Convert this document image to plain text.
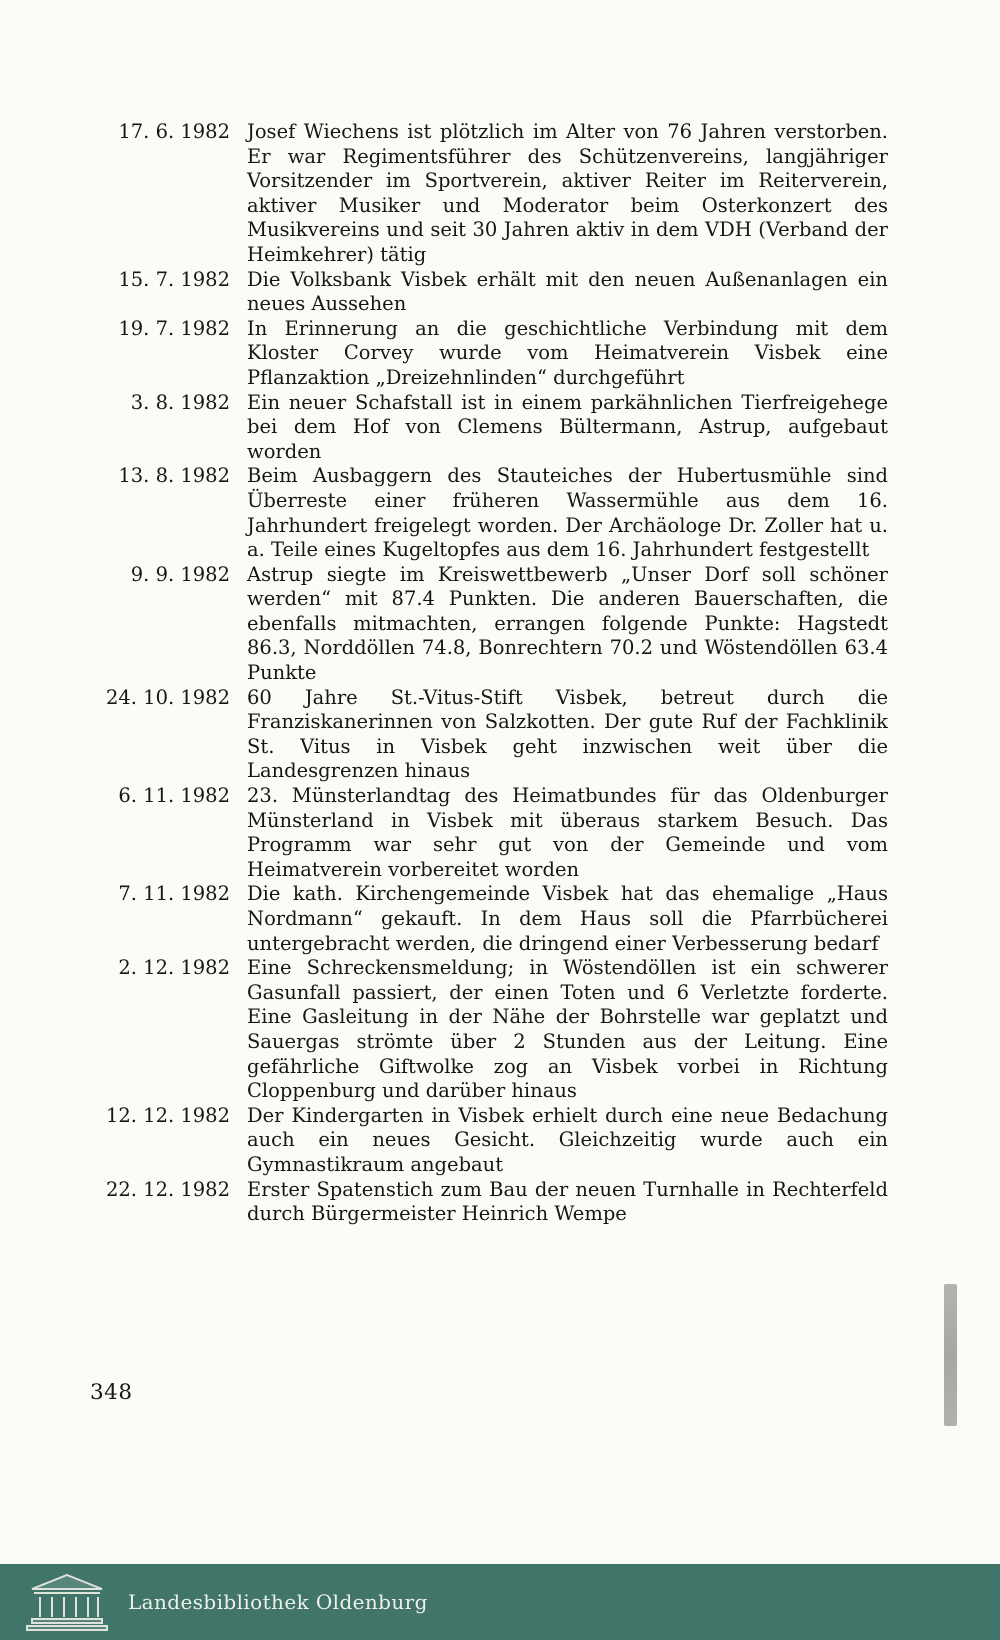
17. 6. 1982 Josef Wiechens ist plötzlich im Alter von 76 Jahren verstorben. Er war Regimentsführer des Schützenvereins, langjähriger Vorsitzender im Sportverein, aktiver Reiter im Reiterverein, aktiver Musiker und Moderator beim Osterkonzert des Musikvereins und seit 30 Jahren aktiv in dem VDH (Verband der Heimkehrer) tätig
15. 7. 1982 Die Volksbank Visbek erhält mit den neuen Außenanlagen ein neues Aussehen
19. 7. 1982 In Erinnerung an die geschichtliche Verbindung mit dem Kloster Corvey wurde vom Heimatverein Visbek eine Pflanzaktion „Dreizehnlinden“ durchgeführt
3. 8. 1982 Ein neuer Schafstall ist in einem parkähnlichen Tierfreigehege bei dem Hof von Clemens Bültermann, Astrup, aufgebaut worden
13. 8. 1982 Beim Ausbaggern des Stauteiches der Hubertusmühle sind Überreste einer früheren Wassermühle aus dem 16. Jahrhundert freigelegt worden. Der Archäologe Dr. Zoller hat u. a. Teile eines Kugeltopfes aus dem 16. Jahrhundert festgestellt
9. 9. 1982 Astrup siegte im Kreiswettbewerb „Unser Dorf soll schöner werden“ mit 87.4 Punkten. Die anderen Bauerschaften, die ebenfalls mitmachten, errangen folgende Punkte: Hagstedt 86.3, Norddöllen 74.8, Bonrechtern 70.2 und Wöstendöllen 63.4 Punkte
24. 10. 1982 60 Jahre St.-Vitus-Stift Visbek, betreut durch die Franziskanerinnen von Salzkotten. Der gute Ruf der Fachklinik St. Vitus in Visbek geht inzwischen weit über die Landesgrenzen hinaus
6. 11. 1982 23. Münsterlandtag des Heimatbundes für das Oldenburger Münsterland in Visbek mit überaus starkem Besuch. Das Programm war sehr gut von der Gemeinde und vom Heimatverein vorbereitet worden
7. 11. 1982 Die kath. Kirchengemeinde Visbek hat das ehemalige „Haus Nordmann“ gekauft. In dem Haus soll die Pfarrbücherei untergebracht werden, die dringend einer Verbesserung bedarf
2. 12. 1982 Eine Schreckensmeldung; in Wöstendöllen ist ein schwerer Gasunfall passiert, der einen Toten und 6 Verletzte forderte. Eine Gasleitung in der Nähe der Bohrstelle war geplatzt und Sauergas strömte über 2 Stunden aus der Leitung. Eine gefährliche Giftwolke zog an Visbek vorbei in Richtung Cloppenburg und darüber hinaus
12. 12. 1982 Der Kindergarten in Visbek erhielt durch eine neue Bedachung auch ein neues Gesicht. Gleichzeitig wurde auch ein Gymnastikraum angebaut
22. 12. 1982 Erster Spatenstich zum Bau der neuen Turnhalle in Rechterfeld durch Bürgermeister Heinrich Wempe
348
Landesbibliothek Oldenburg
